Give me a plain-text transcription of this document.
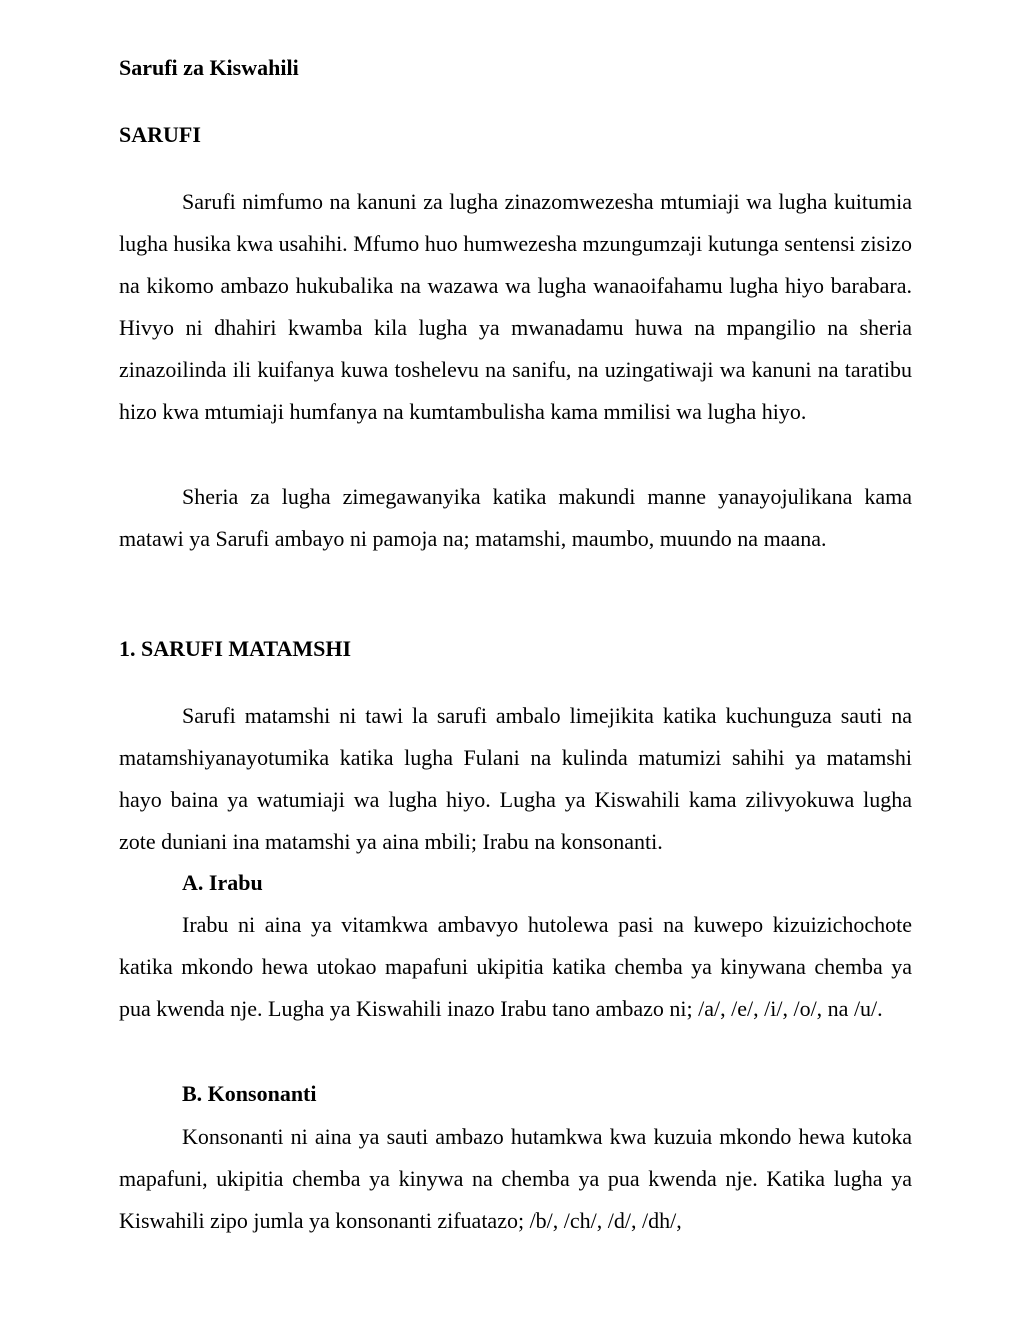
Sarufi za Kiswahili
SARUFI

Sarufi nimfumo na kanuni za lugha zinazomwezesha mtumiaji wa lugha kuitumia lugha husika kwa usahihi. Mfumo huo humwezesha mzungumzaji kutunga sentensi zisizo na kikomo ambazo hukubalika na wazawa wa lugha wanaoifahamu lugha hiyo barabara. Hivyo ni dhahiri kwamba kila lugha ya mwanadamu huwa na mpangilio na sheria zinazoilinda ili kuifanya kuwa toshelevu na sanifu, na uzingatiwaji wa kanuni na taratibu hizo kwa mtumiaji humfanya na kumtambulisha kama mmilisi wa lugha hiyo.

Sheria za lugha zimegawanyika katika makundi manne yanayojulikana kama matawi ya Sarufi ambayo ni pamoja na; matamshi, maumbo, muundo na maana.

1. SARUFI MATAMSHI

Sarufi matamshi ni tawi la sarufi ambalo limejikita katika kuchunguza sauti na matamshiyanayotumika katika lugha Fulani na kulinda matumizi sahihi ya matamshi hayo baina ya watumiaji wa lugha hiyo. Lugha ya Kiswahili kama zilivyokuwa lugha zote duniani ina matamshi ya aina mbili; Irabu na konsonanti.

A. Irabu

Irabu ni aina ya vitamkwa ambavyo hutolewa pasi na kuwepo kizuizichochote katika mkondo hewa utokao mapafuni ukipitia katika chemba ya kinywana chemba ya pua kwenda nje. Lugha ya Kiswahili inazo Irabu tano ambazo ni; /a/, /e/, /i/, /o/, na /u/.

B. Konsonanti

Konsonanti ni aina ya sauti ambazo hutamkwa kwa kuzuia mkondo hewa kutoka mapafuni, ukipitia chemba ya kinywa na chemba ya pua kwenda nje. Katika lugha ya Kiswahili zipo jumla ya konsonanti zifuatazo; /b/, /ch/, /d/, /dh/,
